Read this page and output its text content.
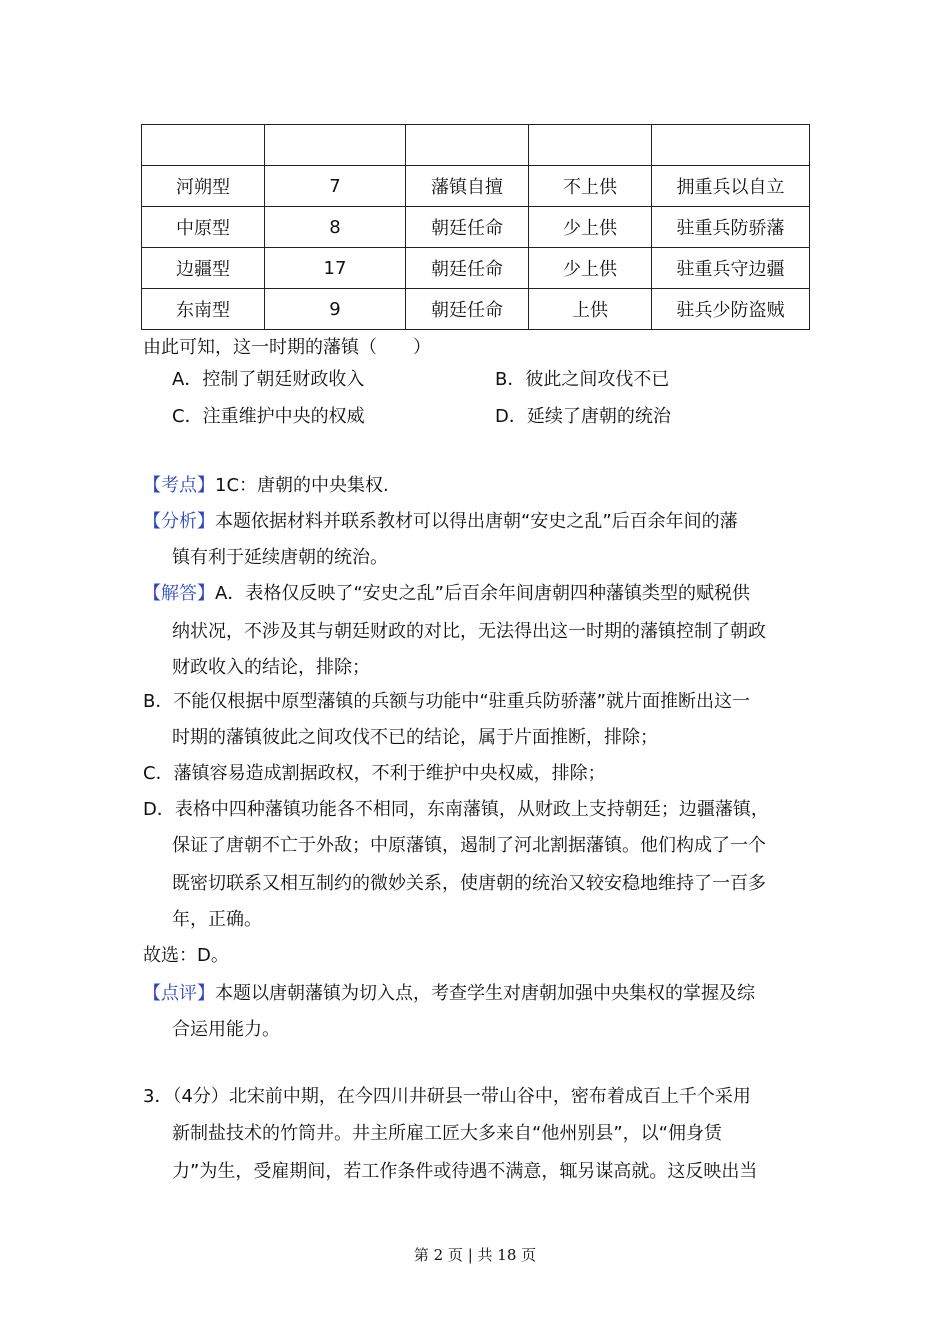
河朔型	7	藩镇自擅	不上供	拥重兵以自立
中原型	8	朝廷任命	少上供	驻重兵防骄藩
边疆型	17	朝廷任命	少上供	驻重兵守边疆
东南型	9	朝廷任命	上供	驻兵少防盗贼
由此可知，这一时期的藩镇（　　）
A．控制了朝廷财政收入	B．彼此之间攻伐不已
C．注重维护中央的权威	D．延续了唐朝的统治
【考点】1C：唐朝的中央集权.
【分析】本题依据材料并联系教材可以得出唐朝“安史之乱”后百余年间的藩
镇有利于延续唐朝的统治。
【解答】A．表格仅反映了“安史之乱”后百余年间唐朝四种藩镇类型的赋税供
纳状况，不涉及其与朝廷财政的对比，无法得出这一时期的藩镇控制了朝政
财政收入的结论，排除；
B．不能仅根据中原型藩镇的兵额与功能中“驻重兵防骄藩”就片面推断出这一
时期的藩镇彼此之间攻伐不已的结论，属于片面推断，排除；
C．藩镇容易造成割据政权，不利于维护中央权威，排除；
D．表格中四种藩镇功能各不相同，东南藩镇，从财政上支持朝廷；边疆藩镇，
保证了唐朝不亡于外敌；中原藩镇，遏制了河北割据藩镇。他们构成了一个
既密切联系又相互制约的微妙关系，使唐朝的统治又较安稳地维持了一百多
年，正确。
故选：D。
【点评】本题以唐朝藩镇为切入点，考查学生对唐朝加强中央集权的掌握及综
合运用能力。
3．（4分）北宋前中期，在今四川井研县一带山谷中，密布着成百上千个采用
新制盐技术的竹筒井。井主所雇工匠大多来自“他州别县”，以“佣身赁
力”为生，受雇期间，若工作条件或待遇不满意，辄另谋高就。这反映出当
第 2 页 | 共 18 页
